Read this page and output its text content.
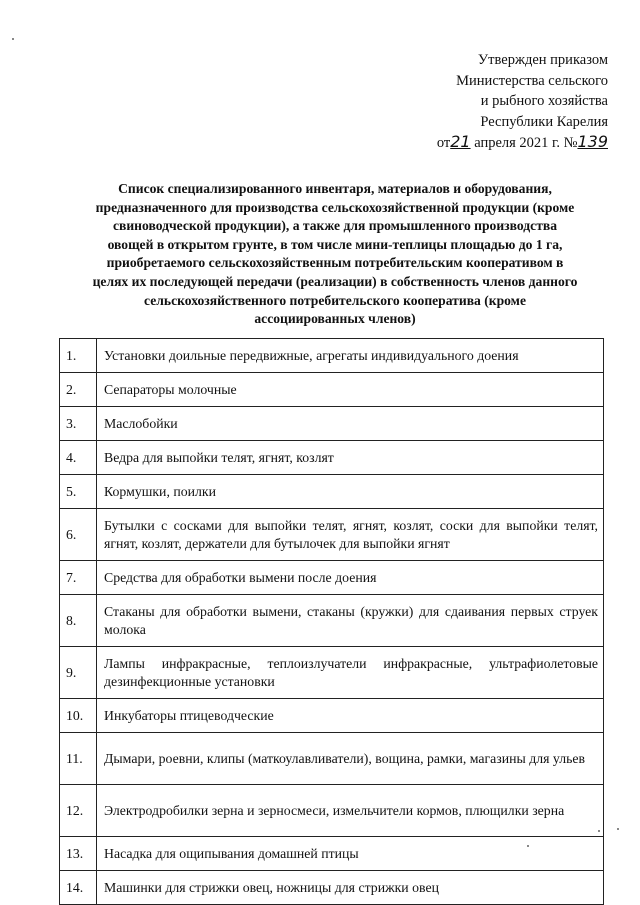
Утвержден приказом
Министерства сельского
и рыбного хозяйства
Республики Карелия
от21 апреля 2021 г. №139
Список специализированного инвентаря, материалов и оборудования,
предназначенного для производства сельскохозяйственной продукции (кроме
свиноводческой продукции), а также для промышленного производства
овощей в открытом грунте, в том числе мини-теплицы площадью до 1 га,
приобретаемого сельскохозяйственным потребительским кооперативом в
целях их последующей передачи (реализации) в собственность членов данного
сельскохозяйственного потребительского кооператива (кроме
ассоциированных членов)
1.	Установки доильные передвижные, агрегаты индивидуального доения
2.	Сепараторы молочные
3.	Маслобойки
4.	Ведра для выпойки телят, ягнят, козлят
5.	Кормушки, поилки
6.	Бутылки с сосками для выпойки телят, ягнят, козлят, соски для выпойки телят, ягнят, козлят, держатели для бутылочек для выпойки ягнят
7.	Средства для обработки вымени после доения
8.	Стаканы для обработки вымени, стаканы (кружки) для сдаивания первых струек молока
9.	Лампы инфракрасные, теплоизлучатели инфракрасные, ультрафиолетовые дезинфекционные установки
10.	Инкубаторы птицеводческие
11.	Дымари, роевни, клипы (маткоулавливатели), вощина, рамки, магазины для ульев
12.	Электродробилки зерна и зерносмеси, измельчители кормов, плющилки зерна
13.	Насадка для ощипывания домашней птицы
14.	Машинки для стрижки овец, ножницы для стрижки овец
